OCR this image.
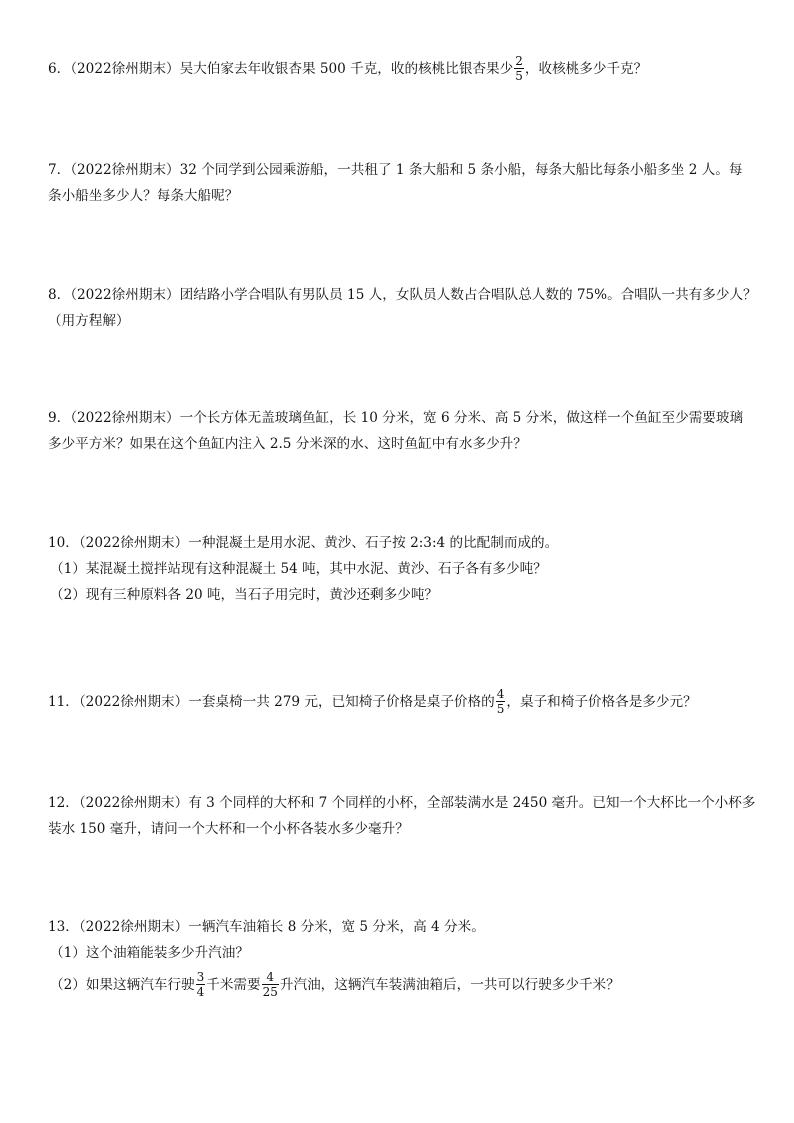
6．（2022徐州期末）吴大伯家去年收银杏果 500 千克，收的核桃比银杏果少 $\frac{2}{5}$ ，收核桃多少千克？
7．（2022徐州期末）32 个同学到公园乘游船，一共租了 1 条大船和 5 条小船，每条大船比每条小船多坐 2 人。每
条小船坐多少人？每条大船呢？
8．（2022徐州期末）团结路小学合唱队有男队员 15 人，女队员人数占合唱队总人数的 75%。合唱队一共有多少人？
（用方程解）
9．（2022徐州期末）一个长方体无盖玻璃鱼缸，长 10 分米，宽 6 分米、高 5 分米，做这样一个鱼缸至少需要玻璃
多少平方米？如果在这个鱼缸内注入 2.5 分米深的水、这时鱼缸中有水多少升？
10．（2022徐州期末）一种混凝土是用水泥、黄沙、石子按 2:3:4 的比配制而成的。
（1）某混凝土搅拌站现有这种混凝土 54 吨，其中水泥、黄沙、石子各有多少吨？
（2）现有三种原料各 20 吨，当石子用完时，黄沙还剩多少吨？
11．（2022徐州期末）一套桌椅一共 279 元，已知椅子价格是桌子价格的 $\frac{4}{5}$ ，桌子和椅子价格各是多少元？
12．（2022徐州期末）有 3 个同样的大杯和 7 个同样的小杯，全部装满水是 2450 毫升。已知一个大杯比一个小杯多
装水 150 毫升，请问一个大杯和一个小杯各装水多少毫升？
13．（2022徐州期末）一辆汽车油箱长 8 分米，宽 5 分米，高 4 分米。
（1）这个油箱能装多少升汽油？
（2）如果这辆汽车行驶 $\frac{3}{4}$ 千米需要 $\frac{4}{25}$ 升汽油，这辆汽车装满油箱后，一共可以行驶多少千米？
